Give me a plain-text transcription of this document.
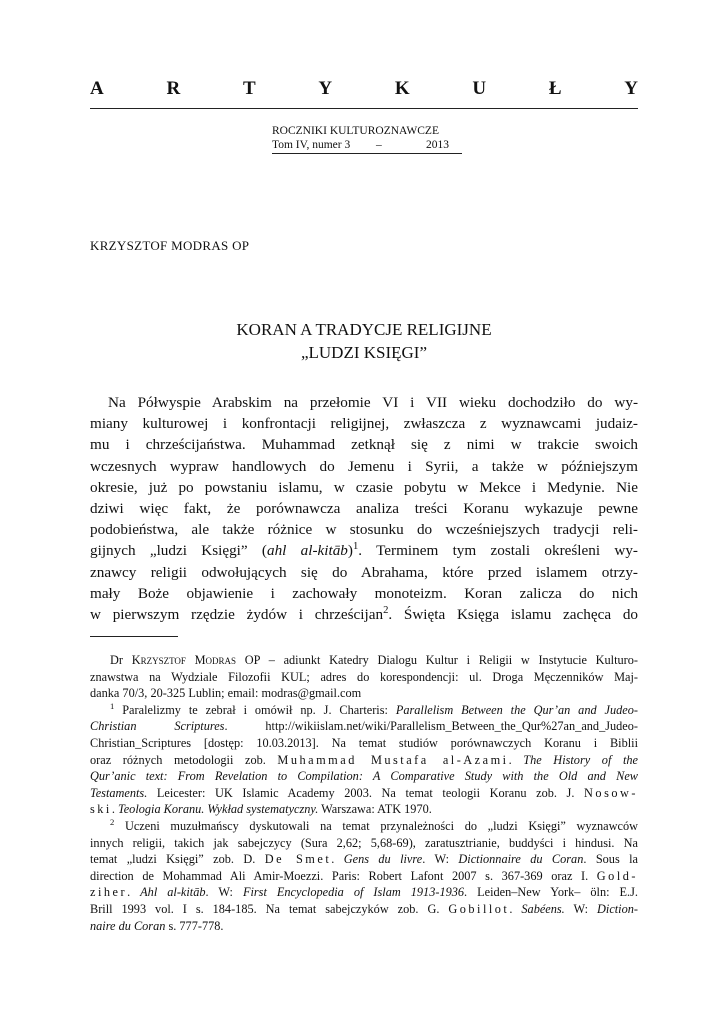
A	R	T	Y	K	U	Ł	Y
ROCZNIKI KULTUROZNAWCZE
Tom IV, numer 3	–	2013
KRZYSZTOF MODRAS OP
KORAN A TRADYCJE RELIGIJNE
„LUDZI KSIĘGI”
Na Półwyspie Arabskim na przełomie VI i VII wieku dochodziło do wy-
miany kulturowej i konfrontacji religijnej, zwłaszcza z wyznawcami judaiz-
mu i chrześcijaństwa. Muhammad zetknął się z nimi w trakcie swoich
wczesnych wypraw handlowych do Jemenu i Syrii, a także w późniejszym
okresie, już po powstaniu islamu, w czasie pobytu w Mekce i Medynie. Nie
dziwi więc fakt, że porównawcza analiza treści Koranu wykazuje pewne
podobieństwa, ale także różnice w stosunku do wcześniejszych tradycji reli-
gijnych „ludzi Księgi” (ahl al-kitāb)$^1$. Terminem tym zostali określeni wy-
znawcy religii odwołujących się do Abrahama, które przed islamem otrzy-
mały Boże objawienie i zachowały monoteizm. Koran zalicza do nich
w pierwszym rzędzie żydów i chrześcijan$^2$. Święta Księga islamu zachęca do
Dr Krzysztof Modras OP – adiunkt Katedry Dialogu Kultur i Religii w Instytucie Kulturo-
znawstwa na Wydziale Filozofii KUL; adres do korespondencji: ul. Droga Męczenników Maj-
danka 70/3, 20-325 Lublin; email: modras@gmail.com
$^1$ Paralelizmy te zebrał i omówił np. J. Charteris: Parallelism Between the Qur’an and Judeo-
Christian Scriptures. http://wikiislam.net/wiki/Parallelism_Between_the_Qur%27an_and_Judeo-
Christian_Scriptures [dostęp: 10.03.2013]. Na temat studiów porównawczych Koranu i Biblii
oraz różnych metodologii zob. Muhammad Mustafa al-Azami. The History of the
Qur’anic text: From Revelation to Compilation: A Comparative Study with the Old and New
Testaments. Leicester: UK Islamic Academy 2003. Na temat teologii Koranu zob. J. Nosow-
ski. Teologia Koranu. Wykład systematyczny. Warszawa: ATK 1970.
$^2$ Uczeni muzułmańscy dyskutowali na temat przynależności do „ludzi Księgi” wyznawców
innych religii, takich jak sabejczycy (Sura 2,62; 5,68-69), zaratusztrianie, buddyści i hindusi. Na
temat „ludzi Księgi” zob. D. De Smet. Gens du livre. W: Dictionnaire du Coran. Sous la
direction de Mohammad Ali Amir-Moezzi. Paris: Robert Lafont 2007 s. 367-369 oraz I. Gold-
ziher. Ahl al-kitāb. W: First Encyclopedia of Islam 1913-1936. Leiden–New York– öln: E.J.
Brill 1993 vol. I s. 184-185. Na temat sabejczyków zob. G. Gobillot. Sabéens. W: Diction-
naire du Coran s. 777-778.
